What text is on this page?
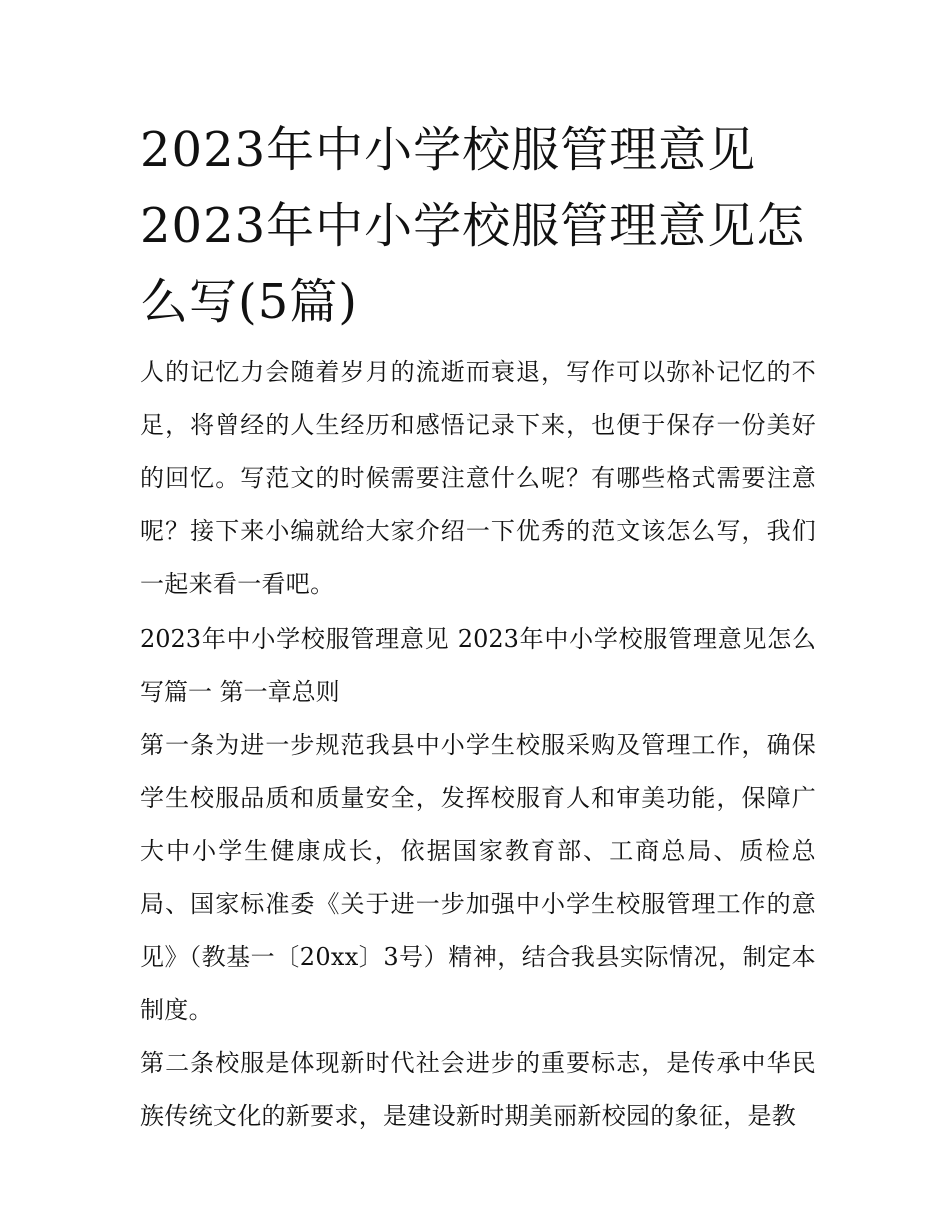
2023年中小学校服管理意见
2023年中小学校服管理意见怎
么写(5篇)

人的记忆力会随着岁月的流逝而衰退，写作可以弥补记忆的不足，将曾经的人生经历和感悟记录下来，也便于保存一份美好的回忆。写范文的时候需要注意什么呢？有哪些格式需要注意呢？接下来小编就给大家介绍一下优秀的范文该怎么写，我们一起来看一看吧。

2023年中小学校服管理意见 2023年中小学校服管理意见怎么写篇一 第一章总则

第一条为进一步规范我县中小学生校服采购及管理工作，确保学生校服品质和质量安全，发挥校服育人和审美功能，保障广大中小学生健康成长，依据国家教育部、工商总局、质检总局、国家标准委《关于进一步加强中小学生校服管理工作的意见》（教基一〔20xx〕3号）精神，结合我县实际情况，制定本制度。

第二条校服是体现新时代社会进步的重要标志，是传承中华民族传统文化的新要求，是建设新时期美丽新校园的象征，是教
